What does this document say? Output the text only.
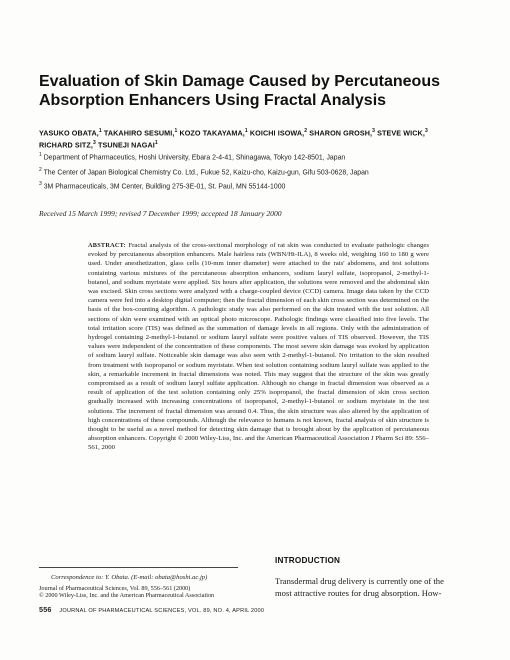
Evaluation of Skin Damage Caused by Percutaneous
Absorption Enhancers Using Fractal Analysis
YASUKO OBATA,$^1$ TAKAHIRO SESUMI,$^1$ KOZO TAKAYAMA,$^1$ KOICHI ISOWA,$^2$ SHARON GROSH,$^3$ STEVE WICK,$^3$
RICHARD SITZ,$^3$ TSUNEJI NAGAI$^1$
$^1$ Department of Pharmaceutics, Hoshi University, Ebara 2-4-41, Shinagawa, Tokyo 142-8501, Japan
$^2$ The Center of Japan Biological Chemistry Co. Ltd., Fukue 52, Kaizu-cho, Kaizu-gun, Gifu 503-0628, Japan
$^3$ 3M Pharmaceuticals, 3M Center, Building 275-3E-01, St. Paul, MN 55144-1000
Received 15 March 1999; revised 7 December 1999; accepted 18 January 2000
ABSTRACT: Fractal analysis of the cross-sectional morphology of rat skin was conducted to evaluate pathologic changes evoked by percutaneous absorption enhancers. Male hairless rats (WBN/Ht-ILA), 8 weeks old, weighing 160 to 180 g were used. Under anesthetization, glass cells (10-mm inner diameter) were attached to the rats' abdomens, and test solutions containing various mixtures of the percutaneous absorption enhancers, sodium lauryl sulfate, isopropanol, 2-methyl-1-butanol, and sodium myristate were applied. Six hours after application, the solutions were removed and the abdominal skin was excised. Skin cross sections were analyzed with a charge-coupled device (CCD) camera. Image data taken by the CCD camera were fed into a desktop digital computer; then the fractal dimension of each skin cross section was determined on the basis of the box-counting algorithm. A pathologic study was also performed on the skin treated with the test solution. All sections of skin were examined with an optical photo microscope. Pathologic findings were classified into five levels. The total irritation score (TIS) was defined as the summation of damage levels in all regions. Only with the administration of hydrogel containing 2-methyl-1-butanol or sodium lauryl sulfate were positive values of TIS observed. However, the TIS values were independent of the concentration of these components. The most severe skin damage was evoked by application of sodium lauryl sulfate. Noticeable skin damage was also seen with 2-methyl-1-butanol. No irritation to the skin resulted from treatment with isopropanol or sodium myristate. When test solution containing sodium lauryl sulfate was applied to the skin, a remarkable increment in fractal dimensions was noted. This may suggest that the structure of the skin was greatly compromised as a result of sodium lauryl sulfate application. Although no change in fractal dimension was observed as a result of application of the test solution containing only 25% isopropanol, the fractal dimension of skin cross section gradually increased with increasing concentrations of isopropanol, 2-methyl-1-butanol or sodium myristate in the test solutions. The increment of fractal dimension was around 0.4. Thus, the skin structure was also altered by the application of high concentrations of these compounds. Although the relevance to humans is not known, fractal analysis of skin structure is thought to be useful as a novel method for detecting skin damage that is brought about by the application of percutaneous absorption enhancers. Copyright © 2000 Wiley-Liss, Inc. and the American Pharmaceutical Association J Pharm Sci 89: 556–561, 2000
Correspondence to: Y. Obata. (E-mail: obata@hoshi.ac.jp)
Journal of Pharmaceutical Sciences, Vol. 89, 556–561 (2000)
© 2000 Wiley-Liss, Inc. and the American Pharmaceutical Association
INTRODUCTION
Transdermal drug delivery is currently one of the
most attractive routes for drug absorption. How-
556 JOURNAL OF PHARMACEUTICAL SCIENCES, VOL. 89, NO. 4, APRIL 2000
